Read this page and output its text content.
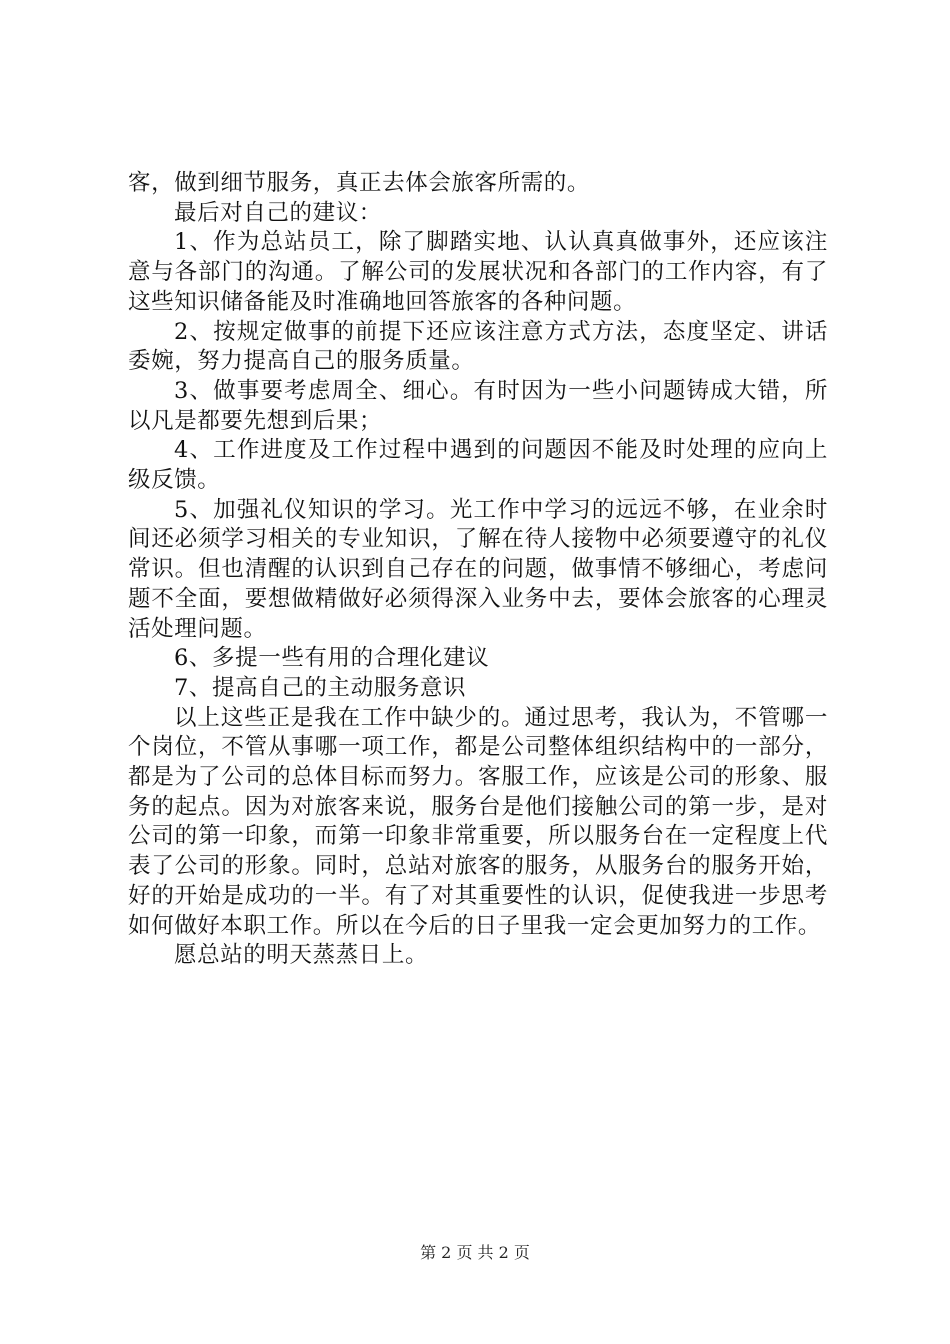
客，做到细节服务，真正去体会旅客所需的。

最后对自己的建议：

1、作为总站员工，除了脚踏实地、认认真真做事外，还应该注意与各部门的沟通。了解公司的发展状况和各部门的工作内容，有了这些知识储备能及时准确地回答旅客的各种问题。

2、按规定做事的前提下还应该注意方式方法，态度坚定、讲话委婉，努力提高自己的服务质量。

3、做事要考虑周全、细心。有时因为一些小问题铸成大错，所以凡是都要先想到后果；

4、工作进度及工作过程中遇到的问题因不能及时处理的应向上级反馈。

5、加强礼仪知识的学习。光工作中学习的远远不够，在业余时间还必须学习相关的专业知识，了解在待人接物中必须要遵守的礼仪常识。但也清醒的认识到自己存在的问题，做事情不够细心，考虑问题不全面，要想做精做好必须得深入业务中去，要体会旅客的心理灵活处理问题。

6、多提一些有用的合理化建议

7、提高自己的主动服务意识

以上这些正是我在工作中缺少的。通过思考，我认为，不管哪一个岗位，不管从事哪一项工作，都是公司整体组织结构中的一部分，都是为了公司的总体目标而努力。客服工作，应该是公司的形象、服务的起点。因为对旅客来说，服务台是他们接触公司的第一步，是对公司的第一印象，而第一印象非常重要，所以服务台在一定程度上代表了公司的形象。同时，总站对旅客的服务，从服务台的服务开始，好的开始是成功的一半。有了对其重要性的认识，促使我进一步思考如何做好本职工作。所以在今后的日子里我一定会更加努力的工作。

愿总站的明天蒸蒸日上。

第 2 页 共 2 页
